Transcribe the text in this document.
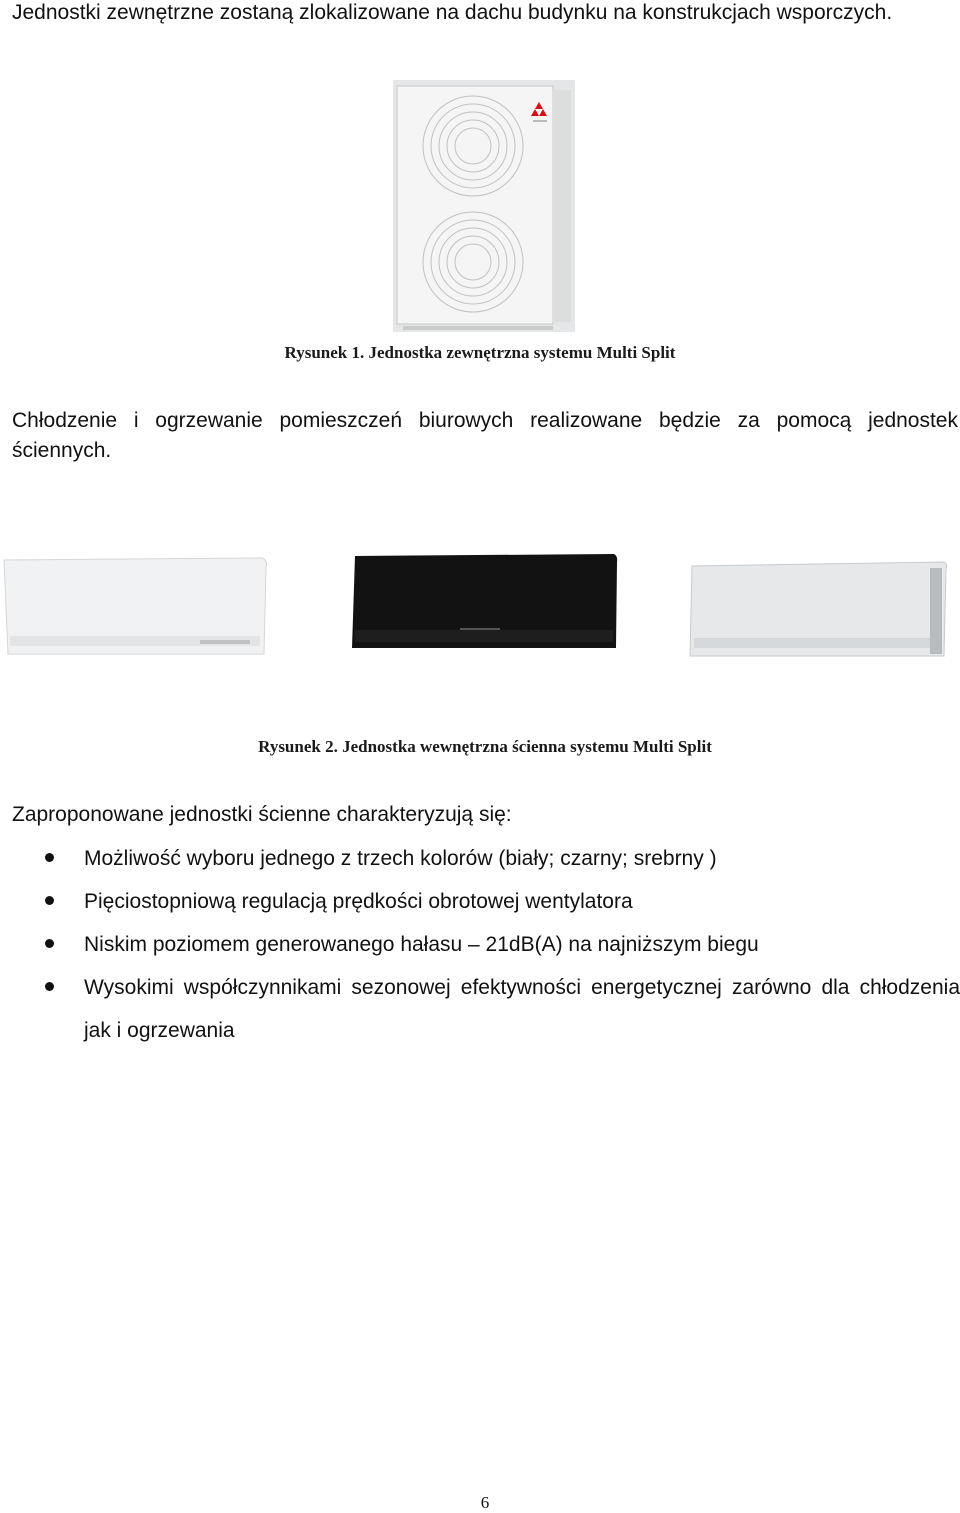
Jednostki zewnętrzne zostaną zlokalizowane na dachu budynku na konstrukcjach wsporczych.
Rysunek 1. Jednostka zewnętrzna systemu Multi Split
Chłodzenie i ogrzewanie pomieszczeń biurowych realizowane będzie za pomocą jednostek ściennych.
Rysunek 2. Jednostka wewnętrzna ścienna systemu Multi Split
Zaproponowane jednostki ścienne charakteryzują się:
Możliwość wyboru jednego z trzech kolorów (biały; czarny; srebrny )
Pięciostopniową regulacją prędkości obrotowej wentylatora
Niskim poziomem generowanego hałasu – 21dB(A) na najniższym biegu
Wysokimi współczynnikami sezonowej efektywności energetycznej zarówno dla chłodzenia jak i ogrzewania
6
